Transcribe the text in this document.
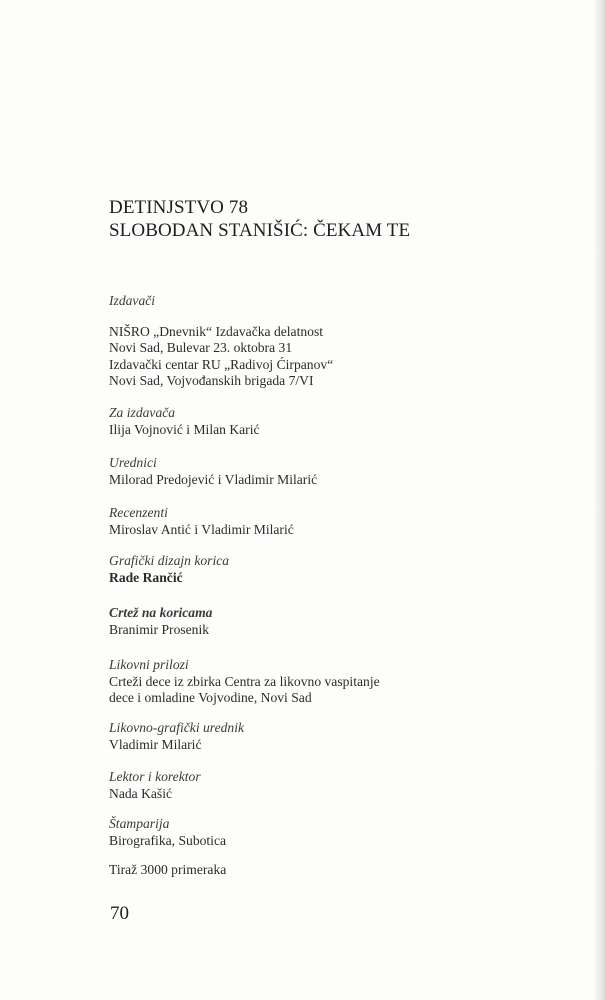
DETINJSTVO 78
SLOBODAN STANIŠIĆ: ČEKAM TE
Izdavači
NIŠRO „Dnevnik“ Izdavačka delatnost
Novi Sad, Bulevar 23. oktobra 31
Izdavački centar RU „Radivoj Ćirpanov“
Novi Sad, Vojvođanskih brigada 7/VI
Za izdavača
Ilija Vojnović i Milan Karić
Urednici
Milorad Predojević i Vladimir Milarić
Recenzenti
Miroslav Antić i Vladimir Milarić
Grafički dizajn korica
Rade Rančić
Crtež na koricama
Branimir Prosenik
Likovni prilozi
Crteži dece iz zbirka Centra za likovno vaspitanje
dece i omladine Vojvodine, Novi Sad
Likovno-grafički urednik
Vladimir Milarić
Lektor i korektor
Nada Kašić
Štamparija
Birografika, Subotica
Tiraž 3000 primeraka
70
